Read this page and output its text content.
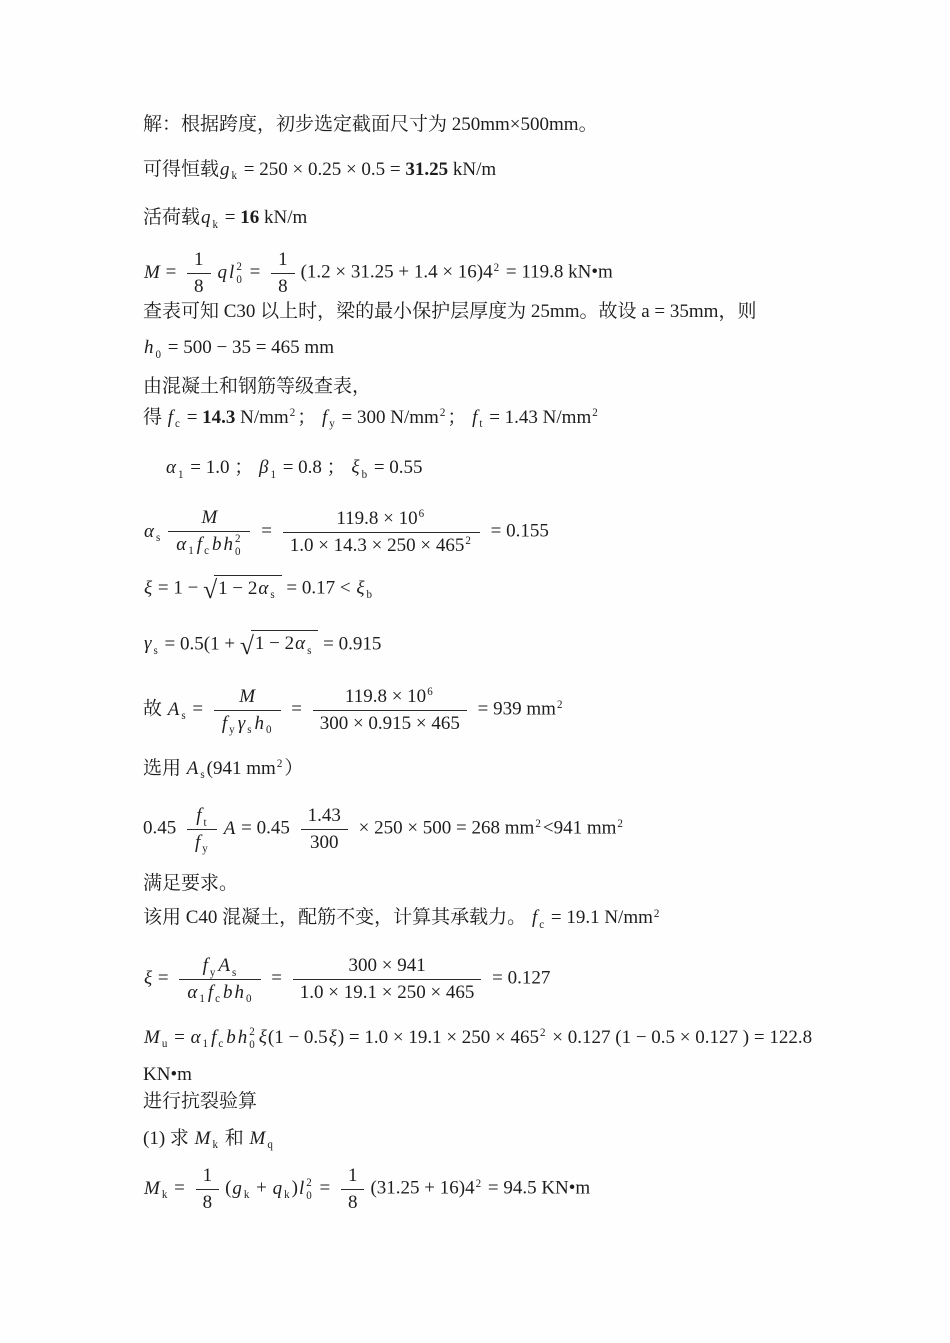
解：根据跨度，初步选定截面尺寸为 250mm×500mm。
可得恒载g $_k$ = 250 × 0.25 × 0.5 = 31.25 kN/m
活荷载q $_k$ = 16 kN/m
$M = \frac{1}{8}$ q l 2
$0 = \frac{1}{8} (1.2 \times 31.25 + 1.4 \times 16)4^2 = 119.8$ kN•m
查表可知 C30 以上时，梁的最小保护层厚度为 25mm。故设 a = 35mm，则
h $_0$ = 500 − 35 = 465 mm
由混凝土和钢筋等级查表，
得 f $_c$ = 14.3 $N/mm^2$ ； f $_y$ = 300 $N/mm^2$ ； f $_t$ = 1.43 $N/mm^2$
α $_1$ = 1.0 ； β $_1$ = 0.8 ； ξ $_b$ = 0.55
α $_s$ M
α $_1$ f $_c$ b h 2
$0 = \frac{119.8 \times 10^6}{1.0 \times 14.3 \times 250 \times 465^2} = 0.155$
ξ = 1 − √1 − 2α $_s$ = 0.17 < ξ $_b$
γ $_s$ = 0.5(1 + √1 − 2α $_s$ = 0.915
故 A $_s = \frac{M}{f _y \gamma _s h _0} = \frac{119.8 \times 10^6}{300 \times 0.915 \times 465} = 939$ $mm^2$
选用 A $_s$ (941 $mm^2$ ）
$0.45 \frac{f _t}{f _y}$ $A = 0.45 \frac{1.43}{300} \times 250 \times 500 = 268$ $mm^2 <941$ $mm^2$
满足要求。
该用 C40 混凝土，配筋不变，计算其承载力。 f $_c$ = 19.1 $N/mm^2$
$\xi = \frac{f _y A _s}{\alpha _1 f _c b h _0} = \frac{300 \times 941}{1.0 \times 19.1 \times 250 \times 465} = 0.127$
M $_u$ = α $_1$ f $_c$ b h 2
0 $\xi(1 - 0.5\xi) = 1.0 \times 19.1 \times 250 \times 465^2 \times 0.127$ (1 − 0.5 × 0.127 ) = 122.8
KN•m
进行抗裂验算
(1) 求 M $_k$ 和 M $_q$
M $_k = \frac{1}{8} (g$ $_k$ + q $_k$ )l 2
$0 = \frac{1}{8} (31.25 + 16)4^2 = 94.5$ KN•m
